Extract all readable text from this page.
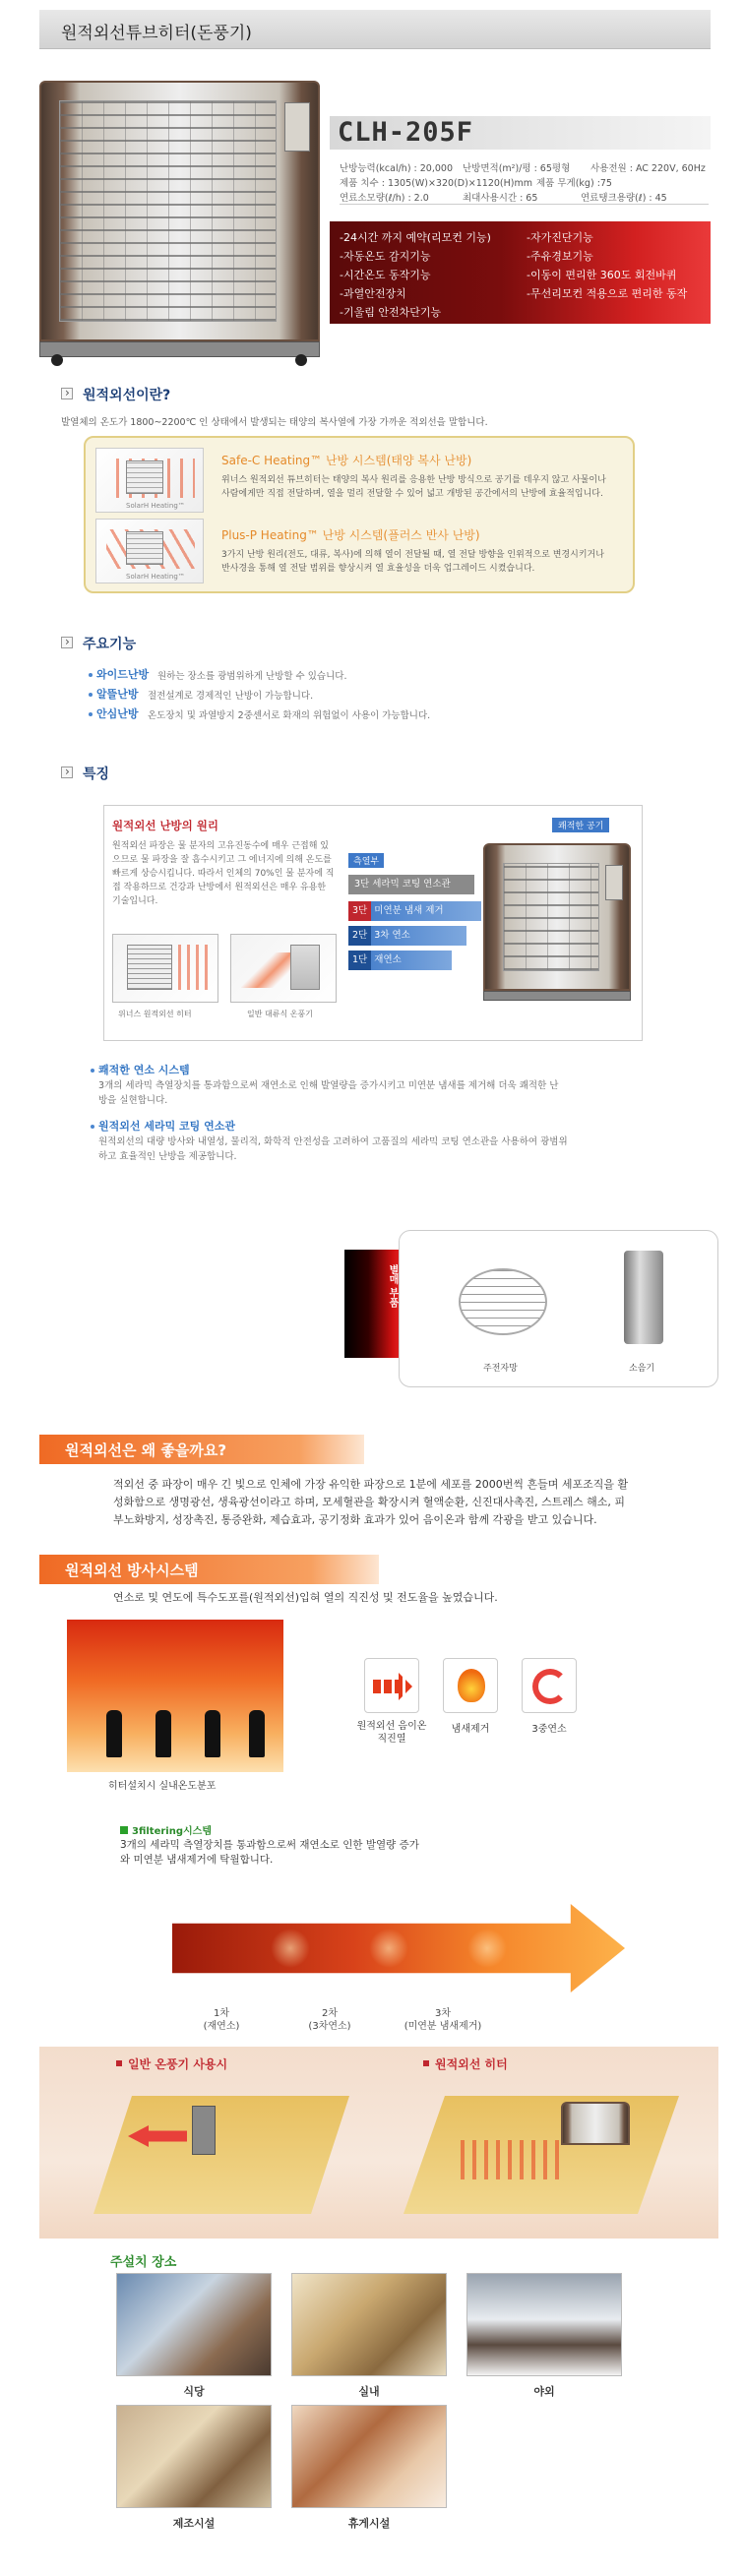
원적외선튜브히터(돈풍기)
CLH-205F
난방능력(kcal/h) : 20,000 난방면적(m²)/평 : 65평형 사용전원 : AC 220V, 60Hz
제품 치수 : 1305(W)×320(D)×1120(H)mm 제품 무게(kg) :75
연료소모량(ℓ/h) : 2.0	최대사용시간 : 65	연료탱크용량(ℓ) : 45
-24시간 까지 예약(리모컨 기능)	-자가진단기능
-자동온도 감지기능	-주유경보기능
-시간온도 동작기능	-이동이 편리한 360도 회전바퀴
-과열안전장치	-무선리모컨 적용으로 편리한 동작
-기울림 안전차단기능
›
원적외선이란?
발열체의 온도가 1800~2200℃ 인 상태에서 발생되는 태양의 복사열에 가장 가까운 적외선을 말합니다.
SolarH Heating™
Safe-C Heating™ 난방 시스템(태양 복사 난방)
위너스 원적외선 튜브히터는 태양의 복사 원리를 응용한 난방 방식으로 공기를 데우지 않고 사물이나 사람에게만 직접 전달하며, 열을 멀리 전달할 수 있어 넓고 개방된 공간에서의 난방에 효율적입니다.
SolarH Heating™
Plus-P Heating™ 난방 시스템(플러스 반사 난방)
3가지 난방 원리(전도, 대류, 복사)에 의해 열이 전달될 때, 열 전달 방향을 인위적으로 변경시키거나 반사경을 통해 열 전달 범위를 향상시켜 열 효율성을 더욱 업그레이드 시켰습니다.
›
주요기능
와이드난방 원하는 장소를 광범위하게 난방할 수 있습니다.
알뜰난방 절전설계로 경제적인 난방이 가능합니다.
안심난방 온도장치 및 과열방지 2중센서로 화재의 위험없이 사용이 가능합니다.
›
특징
원적외선 난방의 원리
원적외선 파장은 물 분자의 고유진동수에 매우 근접해 있으므로 물 파장을 잘 흡수시키고 그 에너지에 의해 온도를 빠르게 상승시킵니다. 따라서 인체의 70%인 물 분자에 직접 작용하므로 건강과 난방에서 원적외선은 매우 유용한 기술입니다.
위너스 원적외선 히터	일반 대류식 온풍기
측열부
3단 세라믹 코팅 연소관
3단 미연분 냄새 제거
2단 3차 연소
1단 재연소
쾌적한 공기
쾌적한 연소 시스템
3개의 세라믹 측열장치를 통과함으로써 재연소로 인해 발열량을 증가시키고 미연분 냄새를 제거해 더욱 쾌적한 난방을 실현합니다.
원적외선 세라믹 코팅 연소관
원적외선의 대량 방사와 내열성, 물리적, 화학적 안전성을 고려하여 고품질의 세라믹 코팅 연소관을 사용하여 광범위 하고 효율적인 난방을 제공합니다.
별매 부품
주전자망	소음기
원적외선은 왜 좋을까요?
적외선 중 파장이 매우 긴 빛으로 인체에 가장 유익한 파장으로 1분에 세포를 2000번씩 흔들며 세포조직을 활성화함으로 생명광선, 생육광선이라고 하며, 모세혈관을 확장시켜 혈액순환, 신진대사촉진, 스트레스 해소, 피부노화방지, 성장촉진, 통증완화, 제습효과, 공기정화 효과가 있어 음이온과 함께 각광을 받고 있습니다.
원적외선 방사시스템
연소로 및 연도에 특수도포를(원적외선)입혀 열의 직진성 및 전도율을 높였습니다.
히터설치시 실내온도분포
원적외선 음이온직진열
냄새제거	3중연소
3filtering시스템
3개의 세라믹 측열장치를 통과함으로써 재연소로 인한 발열량 증가와 미연분 냄새제거에 탁월합니다.
1차
(재연소)
2차
(3차연소)
3차
(미연분 냄새제거)
일반 온풍기 사용시	원적외선 히터
주설치 장소
식당	실내	야외
제조시설	휴게시설
